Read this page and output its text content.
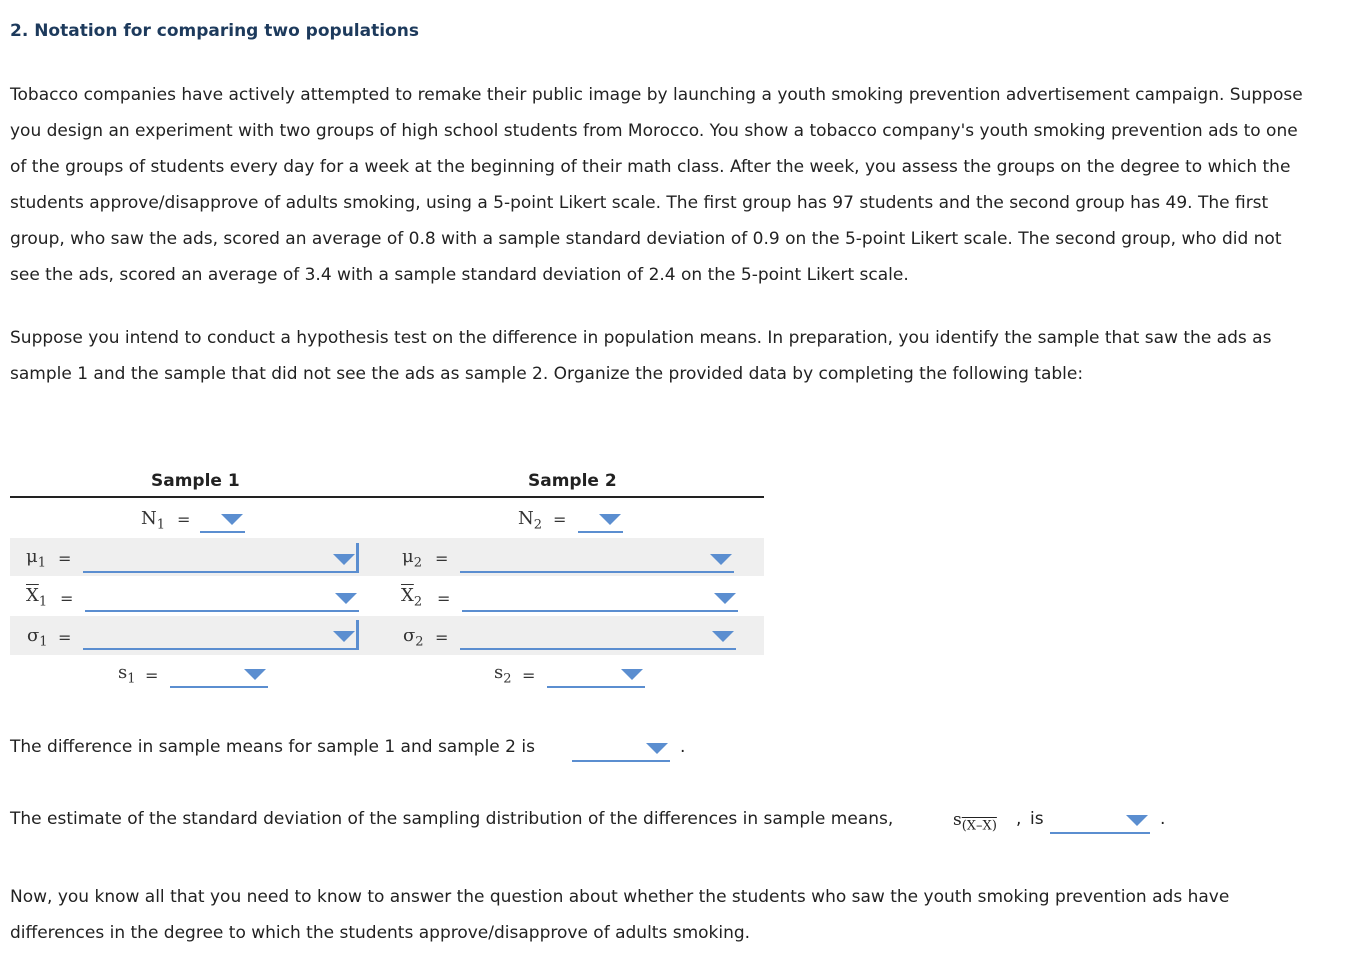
2. Notation for comparing two populations
Tobacco companies have actively attempted to remake their public image by launching a youth smoking prevention advertisement campaign. Suppose
you design an experiment with two groups of high school students from Morocco. You show a tobacco company's youth smoking prevention ads to one
of the groups of students every day for a week at the beginning of their math class. After the week, you assess the groups on the degree to which the
students approve/disapprove of adults smoking, using a 5-point Likert scale. The first group has 97 students and the second group has 49. The first
group, who saw the ads, scored an average of 0.8 with a sample standard deviation of 0.9 on the 5-point Likert scale. The second group, who did not
see the ads, scored an average of 3.4 with a sample standard deviation of 2.4 on the 5-point Likert scale.
Suppose you intend to conduct a hypothesis test on the difference in population means. In preparation, you identify the sample that saw the ads as
sample 1 and the sample that did not see the ads as sample 2. Organize the provided data by completing the following table:
Sample 1	Sample 2
$N_1$ =	$N_2$ =
$\mu_1$ =	$\mu_2$ =
$\overline{X}_1$ =	$\overline{X}_2$ =
$\sigma_1$ =	$\sigma_2$ =
$s_1$ =	$s_2$ =
The difference in sample means for sample 1 and sample 2 is	.
The estimate of the standard deviation of the sampling distribution of the differences in sample means,	$s_{(X-X)}$ , is	.
Now, you know all that you need to know to answer the question about whether the students who saw the youth smoking prevention ads have
differences in the degree to which the students approve/disapprove of adults smoking.
